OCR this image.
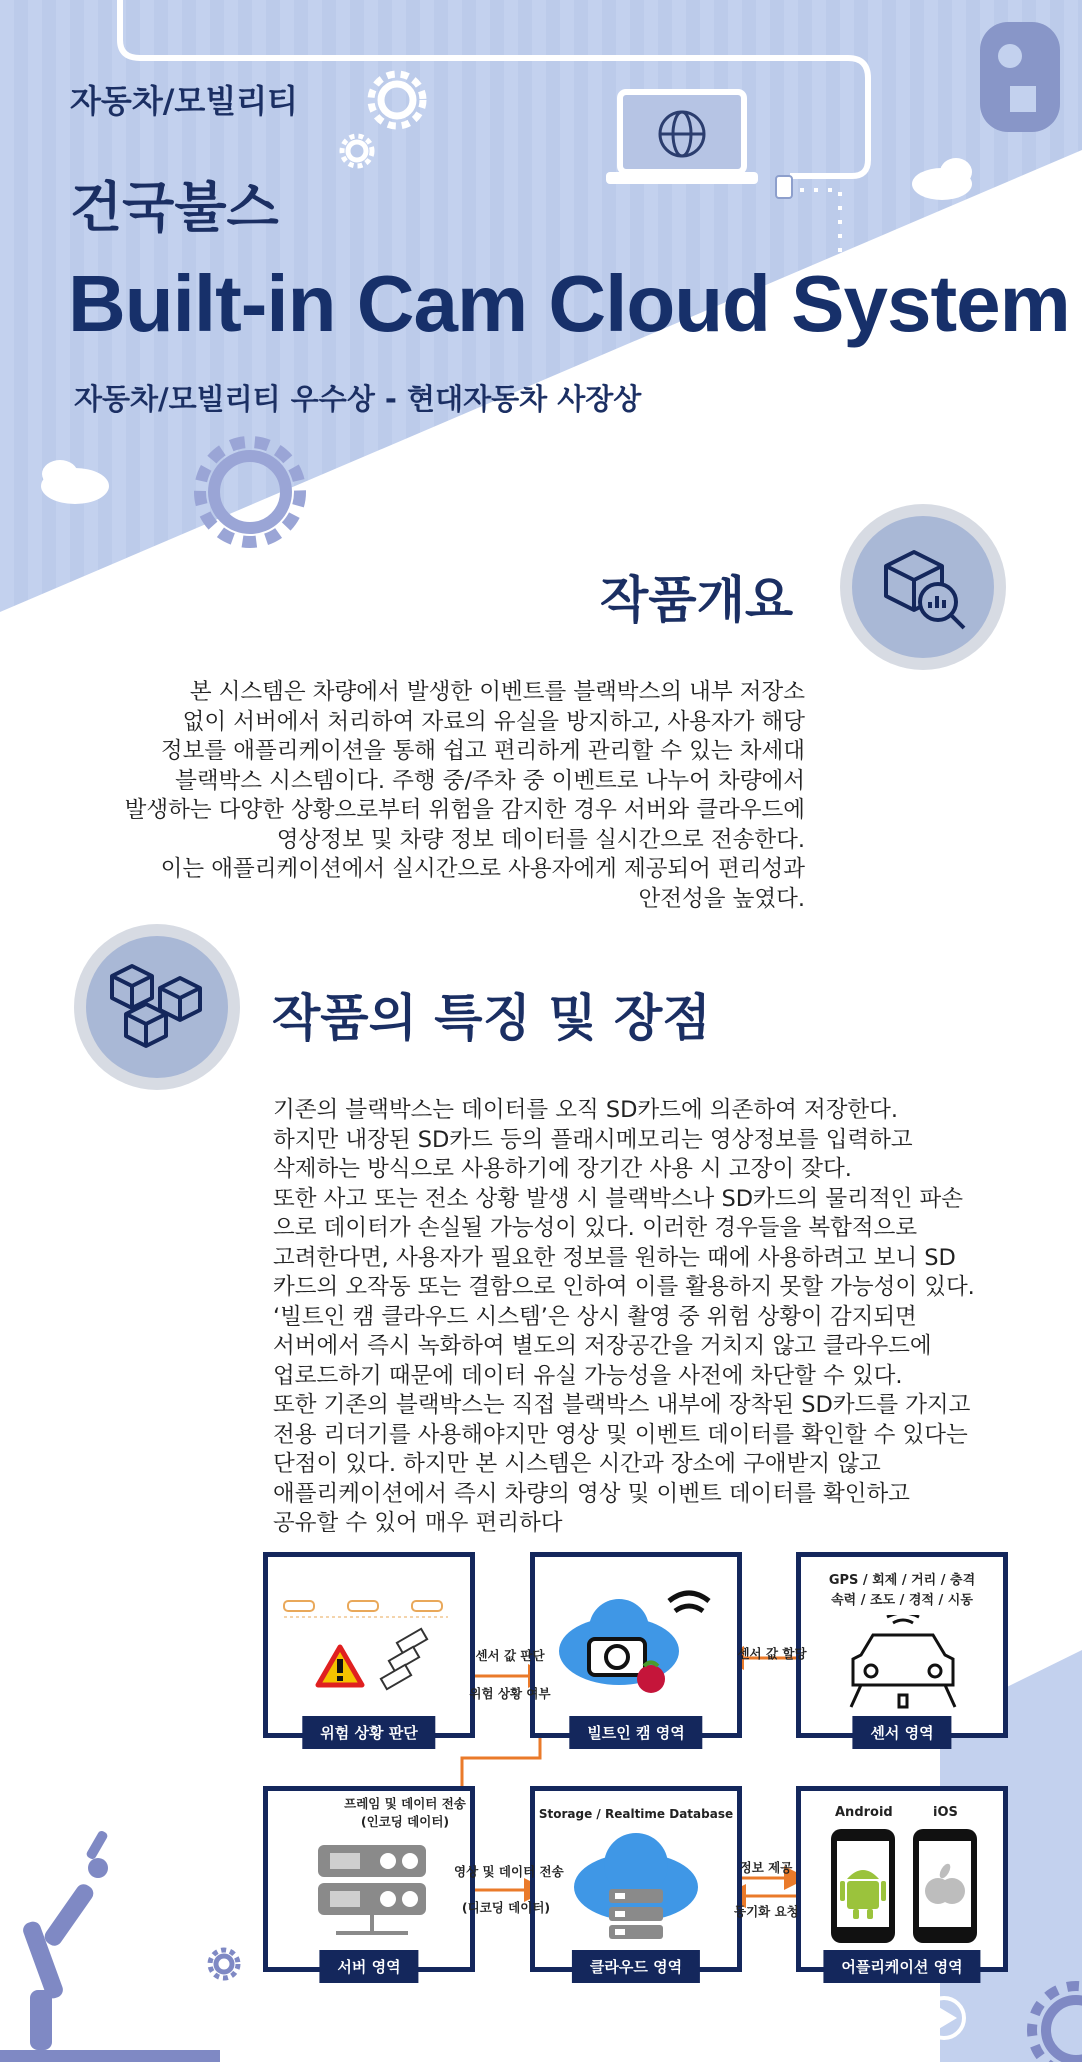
자동차/모빌리티
건국불스
Built-in Cam Cloud System
자동차/모빌리티 우수상 - 현대자동차 사장상
작품개요
본 시스템은 차량에서 발생한 이벤트를 블랙박스의 내부 저장소
없이 서버에서 처리하여 자료의 유실을 방지하고, 사용자가 해당
정보를 애플리케이션을 통해 쉽고 편리하게 관리할 수 있는 차세대
블랙박스 시스템이다. 주행 중/주차 중 이벤트로 나누어 차량에서
발생하는 다양한 상황으로부터 위험을 감지한 경우 서버와 클라우드에
영상정보 및 차량 정보 데이터를 실시간으로 전송한다.
이는 애플리케이션에서 실시간으로 사용자에게 제공되어 편리성과
안전성을 높였다.
작품의 특징 및 장점
기존의 블랙박스는 데이터를 오직 SD카드에 의존하여 저장한다.
하지만 내장된 SD카드 등의 플래시메모리는 영상정보를 입력하고
삭제하는 방식으로 사용하기에 장기간 사용 시 고장이 잦다.
또한 사고 또는 전소 상황 발생 시 블랙박스나 SD카드의 물리적인 파손
으로 데이터가 손실될 가능성이 있다. 이러한 경우들을 복합적으로
고려한다면, 사용자가 필요한 정보를 원하는 때에 사용하려고 보니 SD
카드의 오작동 또는 결함으로 인하여 이를 활용하지 못할 가능성이 있다.
‘빌트인 캠 클라우드 시스템’은 상시 촬영 중 위험 상황이 감지되면
서버에서 즉시 녹화하여 별도의 저장공간을 거치지 않고 클라우드에
업로드하기 때문에 데이터 유실 가능성을 사전에 차단할 수 있다.
또한 기존의 블랙박스는 직접 블랙박스 내부에 장착된 SD카드를 가지고
전용 리더기를 사용해야지만 영상 및 이벤트 데이터를 확인할 수 있다는
단점이 있다. 하지만 본 시스템은 시간과 장소에 구애받지 않고
애플리케이션에서 즉시 차량의 영상 및 이벤트 데이터를 확인하고
공유할 수 있어 매우 편리하다
위험 상황 판단	빌트인 캠 영역
GPS / 회제 / 거리 / 충격
속력 / 조도 / 경적 / 시동
센서 영역
서버 영역
Storage / Realtime Database
클라우드 영역
Android	iOS
어플리케이션 영역
센서 값 판단
위험 상황 여부
센서 값 할당
프레임 및 데이터 전송
(인코딩 데이터)
영상 및 데이터 전송
(디코딩 데이터)
정보 제공
동기화 요청
